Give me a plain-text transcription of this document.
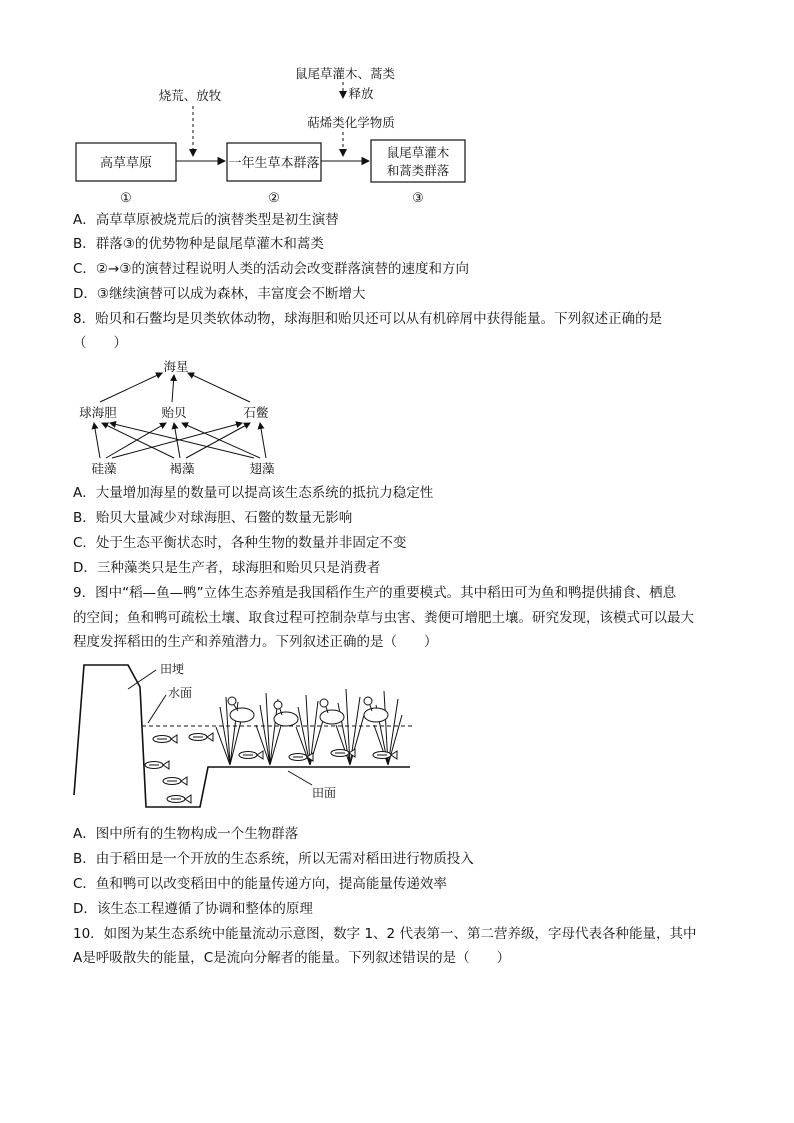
高草草原	一年生草本群落
鼠尾草灌木
和蒿类群落
烧荒、放牧
鼠尾草灌木、蒿类
释放
萜烯类化学物质
①	②	③
A．高草草原被烧荒后的演替类型是初生演替
B．群落③的优势物种是鼠尾草灌木和蒿类
C．②→③的演替过程说明人类的活动会改变群落演替的速度和方向
D．③继续演替可以成为森林，丰富度会不断增大
8．贻贝和石鳖均是贝类软体动物，球海胆和贻贝还可以从有机碎屑中获得能量。下列叙述正确的是
（　　）
海星
球海胆	贻贝	石鳖
硅藻	褐藻	翅藻
A．大量增加海星的数量可以提高该生态系统的抵抗力稳定性
B．贻贝大量减少对球海胆、石鳖的数量无影响
C．处于生态平衡状态时，各种生物的数量并非固定不变
D．三种藻类只是生产者，球海胆和贻贝只是消费者
9．图中“稻—鱼—鸭”立体生态养殖是我国稻作生产的重要模式。其中稻田可为鱼和鸭提供捕食、栖息
的空间；鱼和鸭可疏松土壤、取食过程可控制杂草与虫害、粪便可增肥土壤。研究发现，该模式可以最大
程度发挥稻田的生产和养殖潜力。下列叙述正确的是（　　）
田埂
水面
田面
A．图中所有的生物构成一个生物群落
B．由于稻田是一个开放的生态系统，所以无需对稻田进行物质投入
C．鱼和鸭可以改变稻田中的能量传递方向，提高能量传递效率
D．该生态工程遵循了协调和整体的原理
10．如图为某生态系统中能量流动示意图，数字 1、2 代表第一、第二营养级，字母代表各种能量，其中
A是呼吸散失的能量，C是流向分解者的能量。下列叙述错误的是（　　）
